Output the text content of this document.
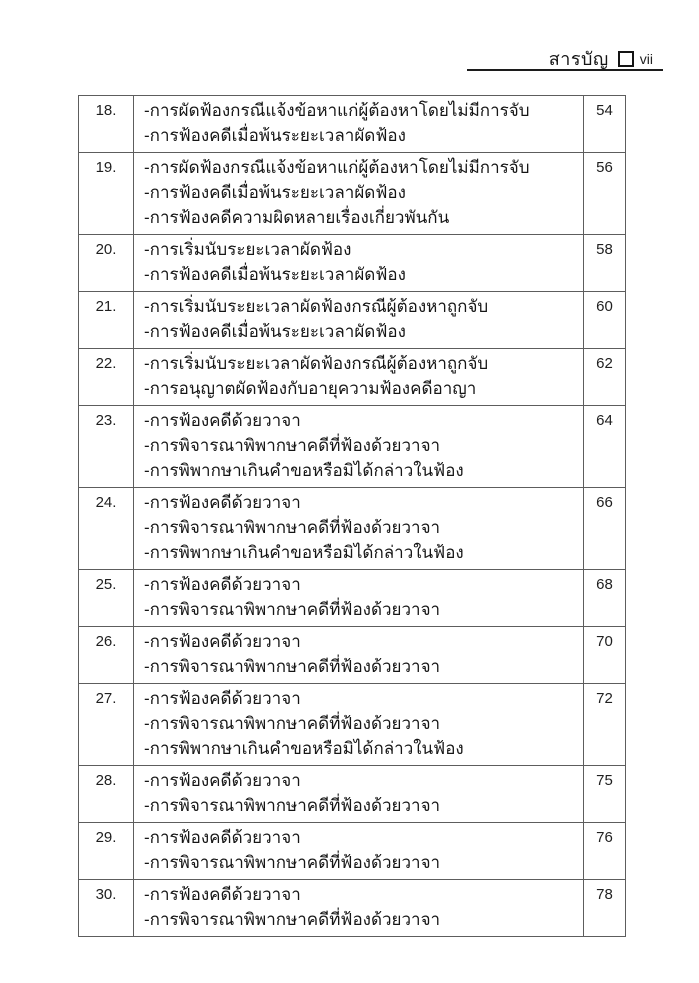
สารบัญ vii
18.	-การผัดฟ้องกรณีแจ้งข้อหาแก่ผู้ต้องหาโดยไม่มีการจับ
-การฟ้องคดีเมื่อพ้นระยะเวลาผัดฟ้อง	54
19.	-การผัดฟ้องกรณีแจ้งข้อหาแก่ผู้ต้องหาโดยไม่มีการจับ
-การฟ้องคดีเมื่อพ้นระยะเวลาผัดฟ้อง
-การฟ้องคดีความผิดหลายเรื่องเกี่ยวพันกัน	56
20.	-การเริ่มนับระยะเวลาผัดฟ้อง
-การฟ้องคดีเมื่อพ้นระยะเวลาผัดฟ้อง	58
21.	-การเริ่มนับระยะเวลาผัดฟ้องกรณีผู้ต้องหาถูกจับ
-การฟ้องคดีเมื่อพ้นระยะเวลาผัดฟ้อง	60
22.	-การเริ่มนับระยะเวลาผัดฟ้องกรณีผู้ต้องหาถูกจับ
-การอนุญาตผัดฟ้องกับอายุความฟ้องคดีอาญา	62
23.	-การฟ้องคดีด้วยวาจา
-การพิจารณาพิพากษาคดีที่ฟ้องด้วยวาจา
-การพิพากษาเกินคำขอหรือมิได้กล่าวในฟ้อง	64
24.	-การฟ้องคดีด้วยวาจา
-การพิจารณาพิพากษาคดีที่ฟ้องด้วยวาจา
-การพิพากษาเกินคำขอหรือมิได้กล่าวในฟ้อง	66
25.	-การฟ้องคดีด้วยวาจา
-การพิจารณาพิพากษาคดีที่ฟ้องด้วยวาจา	68
26.	-การฟ้องคดีด้วยวาจา
-การพิจารณาพิพากษาคดีที่ฟ้องด้วยวาจา	70
27.	-การฟ้องคดีด้วยวาจา
-การพิจารณาพิพากษาคดีที่ฟ้องด้วยวาจา
-การพิพากษาเกินคำขอหรือมิได้กล่าวในฟ้อง	72
28.	-การฟ้องคดีด้วยวาจา
-การพิจารณาพิพากษาคดีที่ฟ้องด้วยวาจา	75
29.	-การฟ้องคดีด้วยวาจา
-การพิจารณาพิพากษาคดีที่ฟ้องด้วยวาจา	76
30.	-การฟ้องคดีด้วยวาจา
-การพิจารณาพิพากษาคดีที่ฟ้องด้วยวาจา	78
